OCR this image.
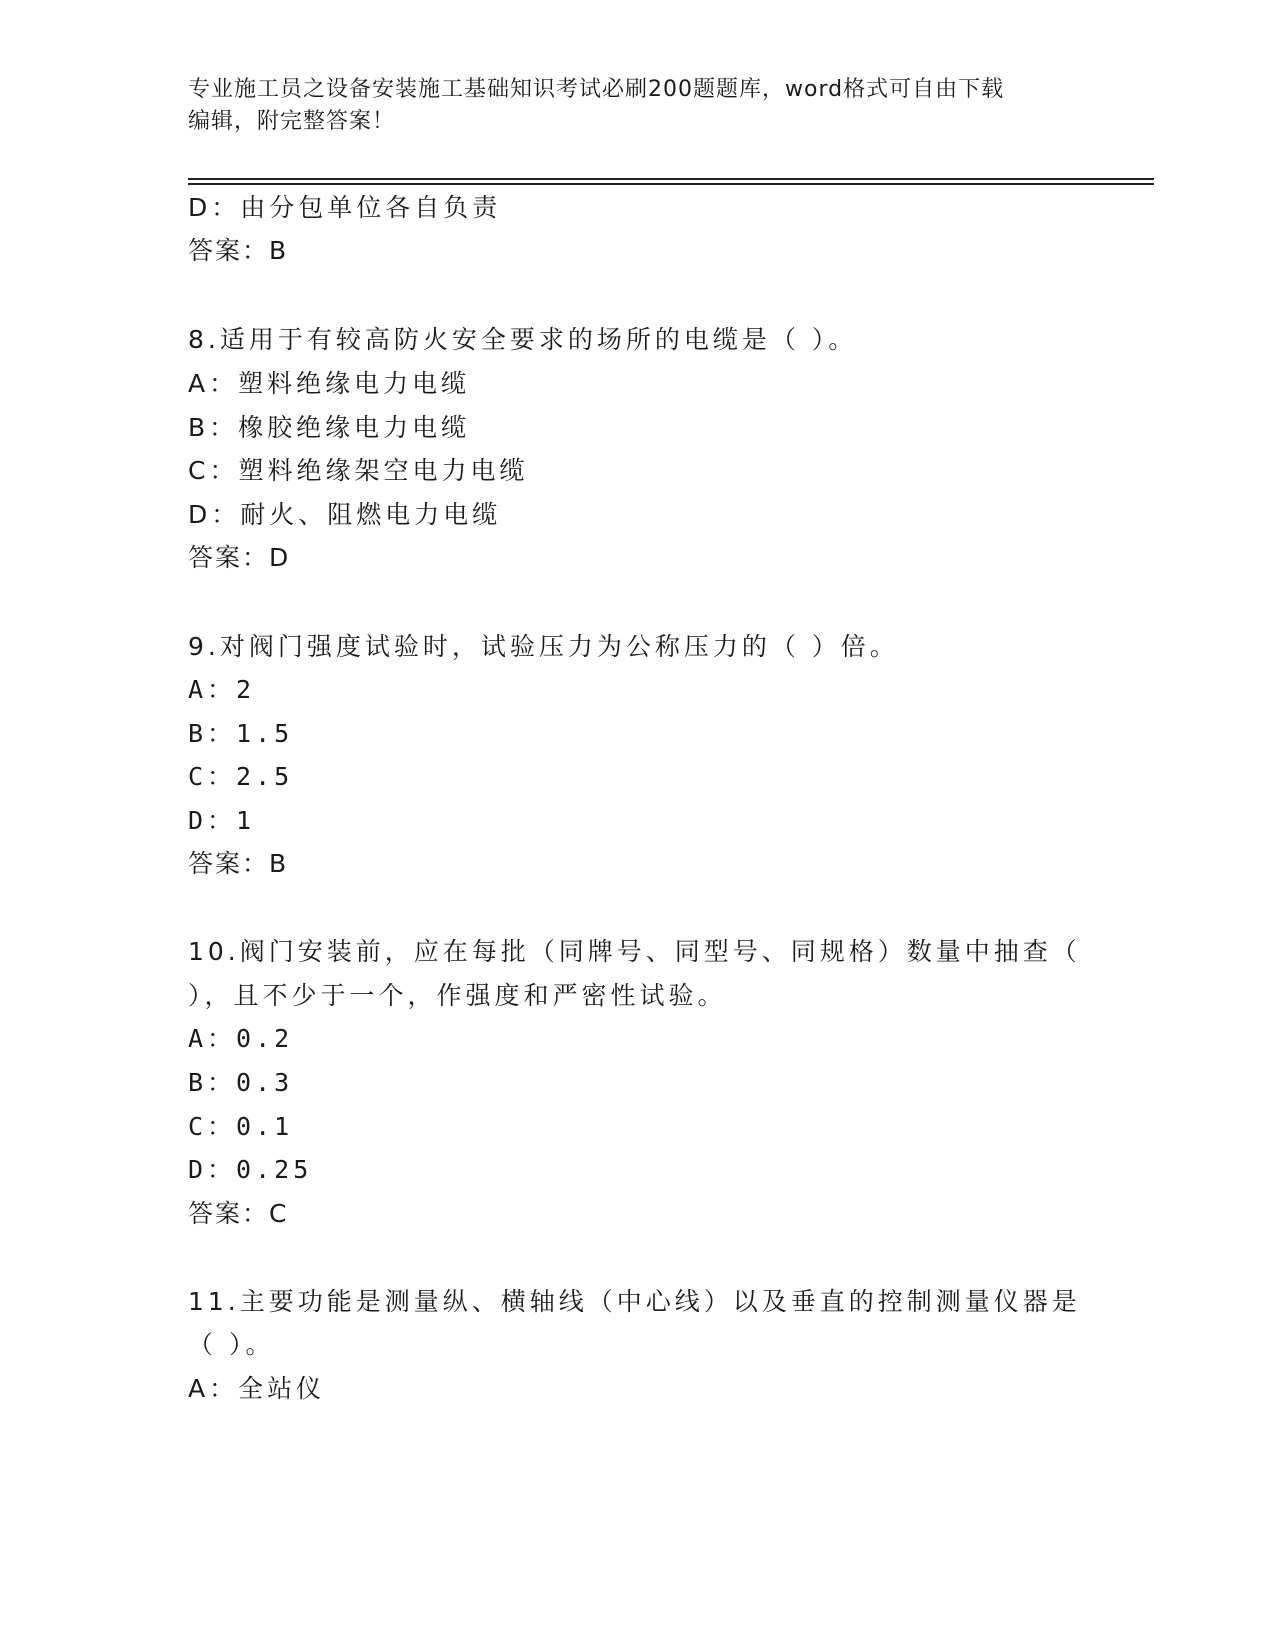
专业施工员之设备安装施工基础知识考试必刷200题题库，word格式可自由下载
编辑，附完整答案！
D：由分包单位各自负责
答案：B
8.适用于有较高防火安全要求的场所的电缆是（ ）。
A：塑料绝缘电力电缆
B：橡胶绝缘电力电缆
C：塑料绝缘架空电力电缆
D：耐火、阻燃电力电缆
答案：D
9.对阀门强度试验时，试验压力为公称压力的（ ）倍。
A：2
B：1.5
C：2.5
D：1
答案：B
10.阀门安装前，应在每批（同牌号、同型号、同规格）数量中抽查（
），且不少于一个，作强度和严密性试验。
A：0.2
B：0.3
C：0.1
D：0.25
答案：C
11.主要功能是测量纵、横轴线（中心线）以及垂直的控制测量仪器是
（ ）。
A：全站仪
